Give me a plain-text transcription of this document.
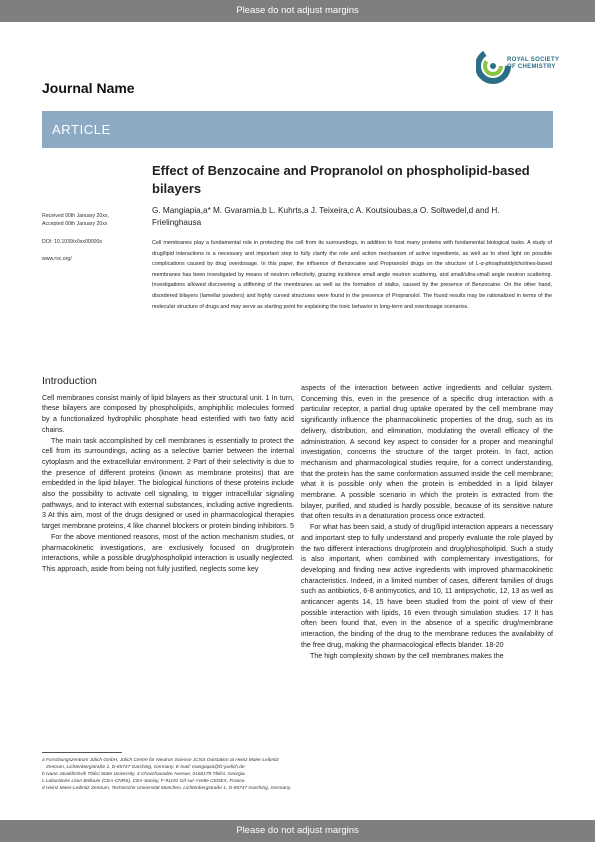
Please do not adjust margins
ROYAL SOCIETY
OF CHEMISTRY
Journal Name
ARTICLE
Effect of Benzocaine and Propranolol on phospholipid-based bilayers
G. Mangiapia,a* M. Gvaramia,b L. Kuhrts,a J. Teixeira,c A. Koutsioubas,a O. Soltwedel,d and H. Frielinghausa
Received 00th January 20xx,
Accepted 00th January 20xx
DOI: 10.1039/x0xx00000x
www.rsc.org/
Cell membranes play a fundamental role in protecting the cell from its surroundings, in addition to host many proteins with fundamental biological tasks. A study of drug/lipid interactions is a necessary and important step to fully clarify the role and action mechanism of active ingredients, as well as to shed light on possible complications caused by drug overdosage. In this paper, the influence of Benzocaine and Propranolol drugs on the structure of L-α-phosphatidylcholines-based membranes has been investigated by means of neutron reflectivity, grazing incidence small angle neutron scattering, and small/ultra-small angle neutron scattering. Investigations allowed discovering a stiffening of the membranes as well as the formation of stalks, caused by the presence of Benzocaine. On the other hand, disordered bilayers (lamellar powders) and highly curved structures were found in the presence of Propranolol. The found results may be rationalized in terms of the molecular structure of drugs and may serve as starting point for explaining the toxic behavior in long-term and overdosage scenarios.
Introduction

Cell membranes consist mainly of lipid bilayers as their structural unit. 1 In turn, these bilayers are composed by phospholipids, amphiphilic molecules formed by a functionalized hydrophilic phosphate head esterified with two fatty acid chains.

The main task accomplished by cell membranes is essentially to protect the cell from its surroundings, acting as a selective barrier between the internal cytoplasm and the extracellular environment. 2 Part of their selectivity is due to the presence of different proteins (known as membrane proteins) that are embedded in the lipid bilayer. The biological functions of these proteins include also the possibility to activate cell signaling, to trigger intracellular signaling pathways, and to interact with external substances, including active ingredients. 3 At this aim, most of the drugs designed or used in pharmacological therapies target membrane proteins, 4 like channel blockers or protein binding inhibitors. 5

For the above mentioned reasons, most of the action mechanism studies, or pharmacokinetic investigations, are exclusively focused on drug/protein interactions, while a possible drug/phospholipid interaction is usually neglected. This approach, aside from being not fully justified, neglects some key

aspects of the interaction between active ingredients and cellular system. Concerning this, even in the presence of a specific drug interaction with a particular receptor, a partial drug uptake operated by the cell membrane may significantly influence the pharmacokinetic properties of the drug, such as its delivery, distribution, and elimination, modulating the overall efficacy of the administration. A second key aspect to consider for a proper and meaningful investigation, concerns the structure of the target protein. In fact, action mechanism and pharmacological studies require, for a correct understanding, that the protein has the same conformation assumed inside the cell membrane; what it is possible only when the protein is embedded in a lipid bilayer membrane. A possible scenario in which the protein is extracted from the bilayer, purified, and studied is hardly possible, because of its sensitive nature that often results in a denaturation process once extracted.

For what has been said, a study of drug/lipid interaction appears a necessary and important step to fully understand and properly evaluate the role played by the two different interactions drug/protein and drug/phospholipid. Such a study is also important, when combined with complementary investigations, for developing and finding new active ingredients with improved pharmacokinetic characteristics. Indeed, in a limited number of cases, different families of drugs such as antibiotics, 6-8 antimycotics, and 10, 11 antipsychotic, 12, 13 as well as anticancer agents 14, 15 have been studied from the point of view of their possible interaction with lipids, 16 even through simulation studies. 17 It has often been found that, even in the absence of a specific drug/membrane interaction, the binding of the drug to the membrane reduces the availability of the free drug, making the pharmacological effects blander. 18-20

The high complexity shown by the cell membranes makes the

a Forschungszentrum Jülich GmbH, Jülich Centre for Neutron Science JCNS Outstation at Heinz Maier-Leibnitz Zentrum, Lichtenbergstraße 1, D-85747 Garching, Germany. E-mail: mangiapia@fz-juelich.de
b Ivane Javakhishvili Tbilisi State University, 3 Chavchavadze Avenue, 0160179 Tbilisi, Georgia.
c Laboratoire Léon Brillouin (CEA-CNRS), CEA-Saclay, F-91191 Gif-sur-Yvette CEDEX, France.
d Heinz Maier-Leibnitz Zentrum, Technische Universität München, Lichtenbergstraße 1, D-85747 Garching, Germany.
Please do not adjust margins
